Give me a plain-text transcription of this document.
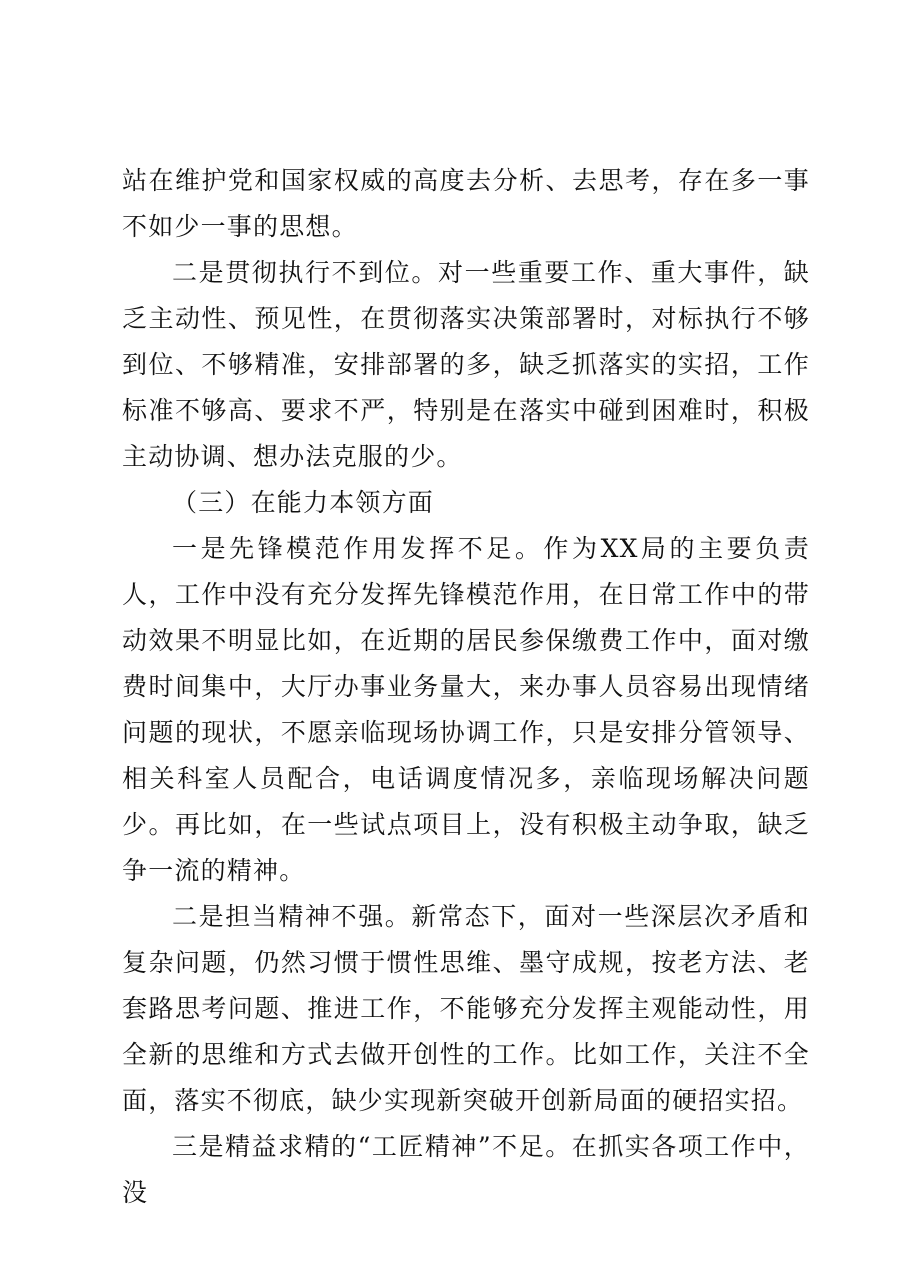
站在维护党和国家权威的高度去分析、去思考，存在多一事不如少一事的思想。

二是贯彻执行不到位。对一些重要工作、重大事件，缺乏主动性、预见性，在贯彻落实决策部署时，对标执行不够到位、不够精准，安排部署的多，缺乏抓落实的实招，工作标准不够高、要求不严，特别是在落实中碰到困难时，积极主动协调、想办法克服的少。

（三）在能力本领方面

一是先锋模范作用发挥不足。作为XX局的主要负责人，工作中没有充分发挥先锋模范作用，在日常工作中的带动效果不明显比如，在近期的居民参保缴费工作中，面对缴费时间集中，大厅办事业务量大，来办事人员容易出现情绪问题的现状，不愿亲临现场协调工作，只是安排分管领导、相关科室人员配合，电话调度情况多，亲临现场解决问题少。再比如，在一些试点项目上，没有积极主动争取，缺乏争一流的精神。

二是担当精神不强。新常态下，面对一些深层次矛盾和复杂问题，仍然习惯于惯性思维、墨守成规，按老方法、老套路思考问题、推进工作，不能够充分发挥主观能动性，用全新的思维和方式去做开创性的工作。比如工作，关注不全面，落实不彻底，缺少实现新突破开创新局面的硬招实招。

三是精益求精的“工匠精神”不足。在抓实各项工作中，没
